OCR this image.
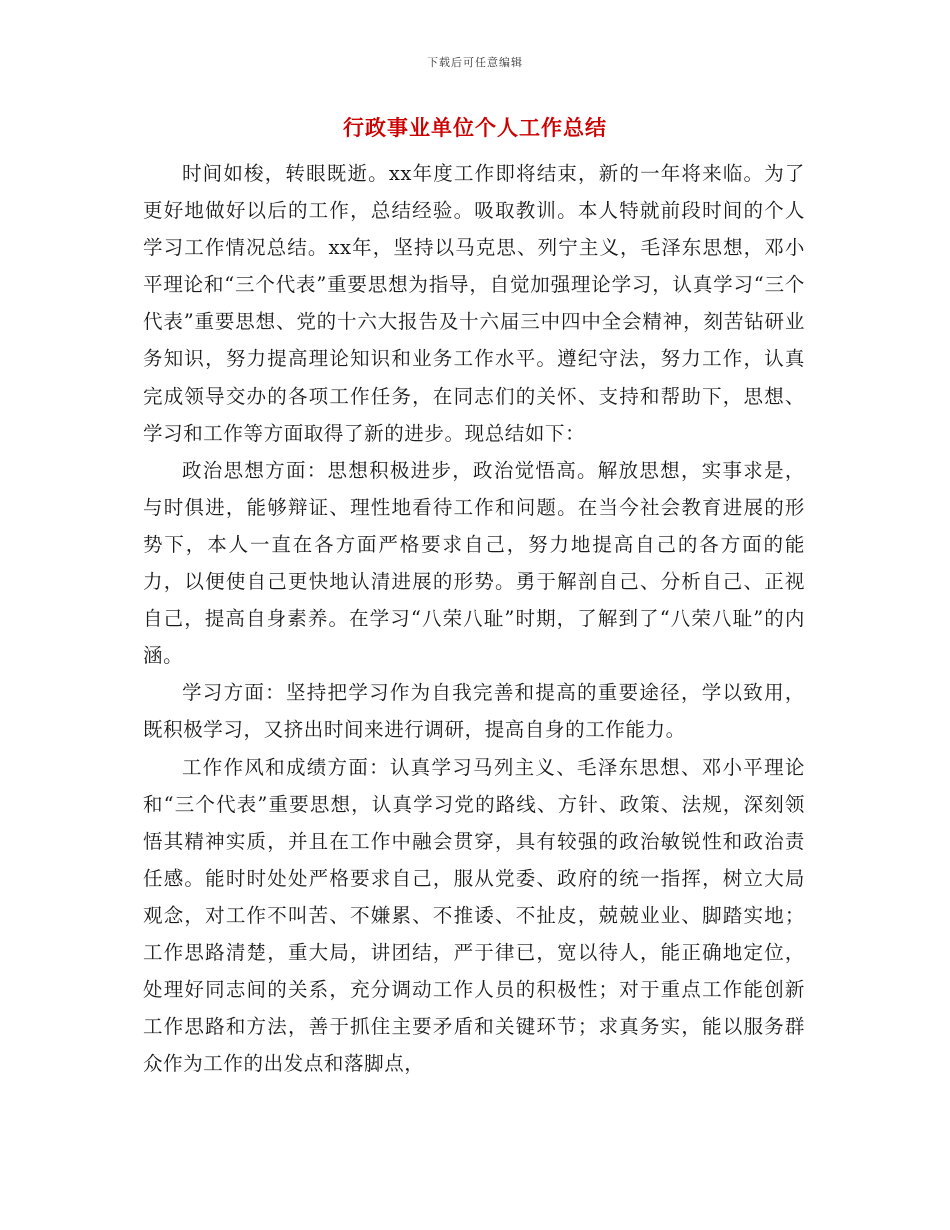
下载后可任意编辑
行政事业单位个人工作总结

时间如梭，转眼既逝。xx年度工作即将结束，新的一年将来临。为了更好地做好以后的工作，总结经验。吸取教训。本人特就前段时间的个人学习工作情况总结。xx年，坚持以马克思、列宁主义，毛泽东思想，邓小平理论和“三个代表”重要思想为指导，自觉加强理论学习，认真学习“三个代表”重要思想、党的十六大报告及十六届三中四中全会精神，刻苦钻研业务知识，努力提高理论知识和业务工作水平。遵纪守法，努力工作，认真完成领导交办的各项工作任务，在同志们的关怀、支持和帮助下，思想、学习和工作等方面取得了新的进步。现总结如下：

政治思想方面：思想积极进步，政治觉悟高。解放思想，实事求是，与时俱进，能够辩证、理性地看待工作和问题。在当今社会教育进展的形势下，本人一直在各方面严格要求自己，努力地提高自己的各方面的能力，以便使自己更快地认清进展的形势。勇于解剖自己、分析自己、正视自己，提高自身素养。在学习“八荣八耻”时期，了解到了“八荣八耻”的内涵。

学习方面：坚持把学习作为自我完善和提高的重要途径，学以致用，既积极学习，又挤出时间来进行调研，提高自身的工作能力。

工作作风和成绩方面：认真学习马列主义、毛泽东思想、邓小平理论和“三个代表”重要思想，认真学习党的路线、方针、政策、法规，深刻领悟其精神实质，并且在工作中融会贯穿，具有较强的政治敏锐性和政治责任感。能时时处处严格要求自己，服从党委、政府的统一指挥，树立大局观念，对工作不叫苦、不嫌累、不推诿、不扯皮，兢兢业业、脚踏实地；工作思路清楚，重大局，讲团结，严于律已，宽以待人，能正确地定位，处理好同志间的关系，充分调动工作人员的积极性；对于重点工作能创新工作思路和方法，善于抓住主要矛盾和关键环节；求真务实，能以服务群众作为工作的出发点和落脚点，
